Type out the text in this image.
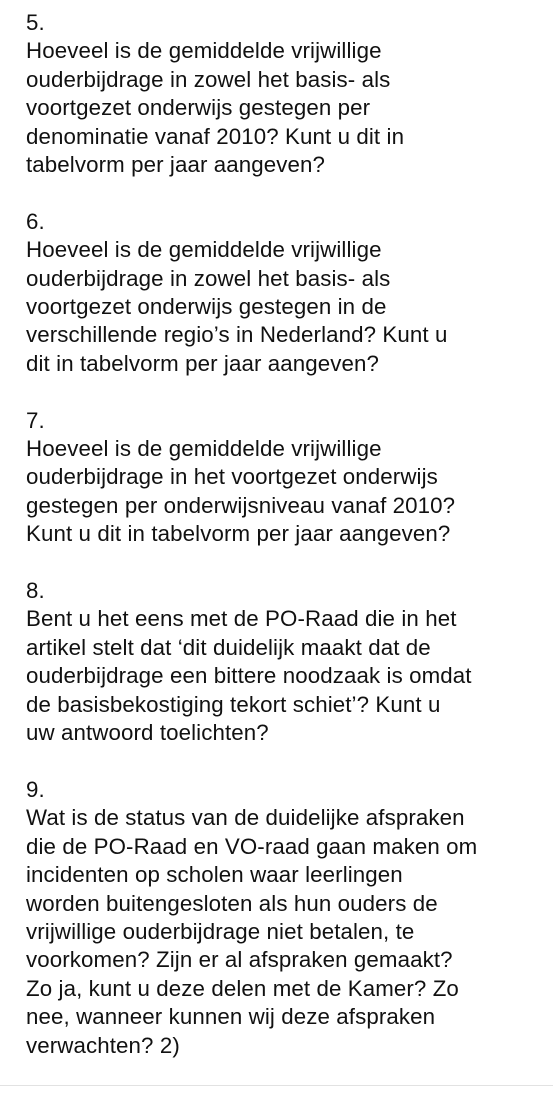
5.
Hoeveel is de gemiddelde vrijwillige
ouderbijdrage in zowel het basis- als
voortgezet onderwijs gestegen per
denominatie vanaf 2010? Kunt u dit in
tabelvorm per jaar aangeven?
6.
Hoeveel is de gemiddelde vrijwillige
ouderbijdrage in zowel het basis- als
voortgezet onderwijs gestegen in de
verschillende regio’s in Nederland? Kunt u
dit in tabelvorm per jaar aangeven?
7.
Hoeveel is de gemiddelde vrijwillige
ouderbijdrage in het voortgezet onderwijs
gestegen per onderwijsniveau vanaf 2010?
Kunt u dit in tabelvorm per jaar aangeven?
8.
Bent u het eens met de PO-Raad die in het
artikel stelt dat ‘dit duidelijk maakt dat de
ouderbijdrage een bittere noodzaak is omdat
de basisbekostiging tekort schiet’? Kunt u
uw antwoord toelichten?
9.
Wat is de status van de duidelijke afspraken
die de PO-Raad en VO-raad gaan maken om
incidenten op scholen waar leerlingen
worden buitengesloten als hun ouders de
vrijwillige ouderbijdrage niet betalen, te
voorkomen? Zijn er al afspraken gemaakt?
Zo ja, kunt u deze delen met de Kamer? Zo
nee, wanneer kunnen wij deze afspraken
verwachten? 2)
